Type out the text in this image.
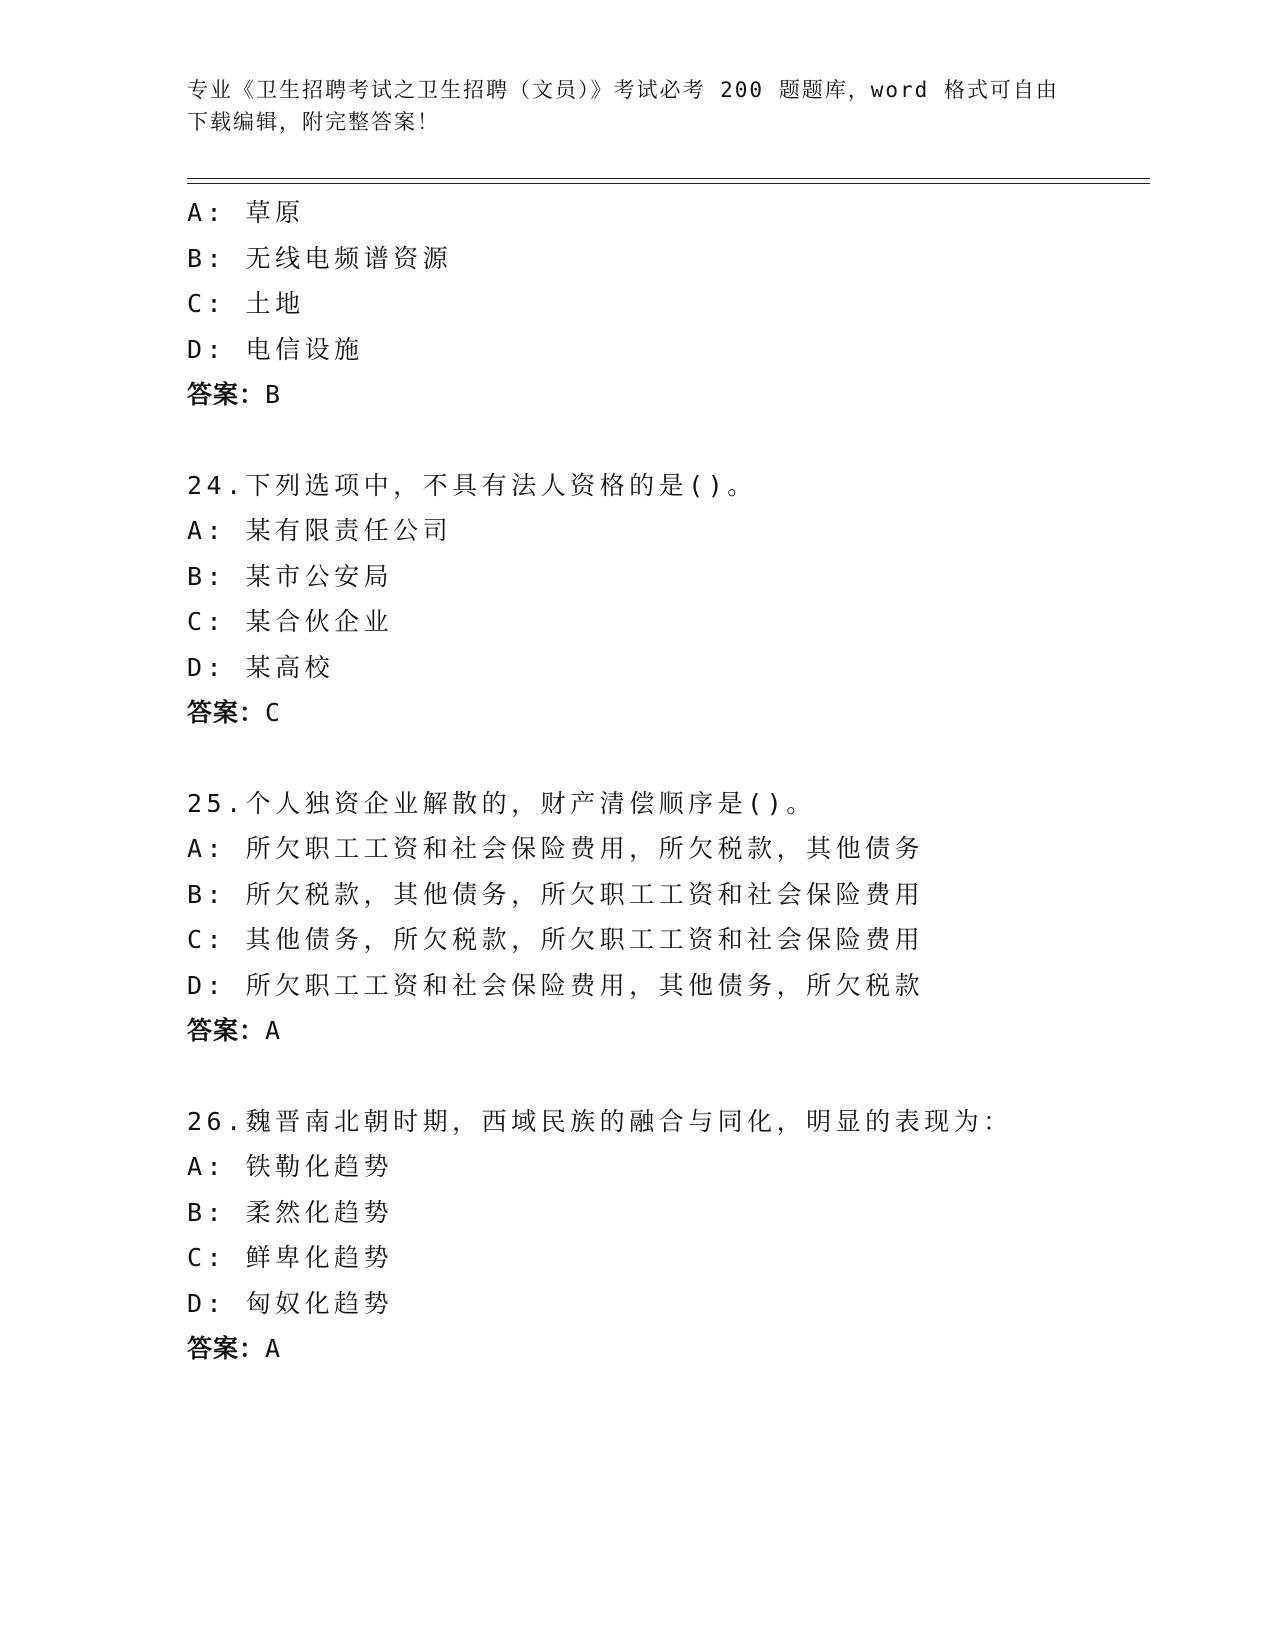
专业《卫生招聘考试之卫生招聘（文员）》考试必考 200 题题库，word 格式可自由下载编辑，附完整答案！
A: 草原
B: 无线电频谱资源
C: 土地
D: 电信设施
答案：B
24.下列选项中，不具有法人资格的是()。
A: 某有限责任公司
B: 某市公安局
C: 某合伙企业
D: 某高校
答案：C
25.个人独资企业解散的，财产清偿顺序是()。
A: 所欠职工工资和社会保险费用，所欠税款，其他债务
B: 所欠税款，其他债务，所欠职工工资和社会保险费用
C: 其他债务，所欠税款，所欠职工工资和社会保险费用
D: 所欠职工工资和社会保险费用，其他债务，所欠税款
答案：A
26.魏晋南北朝时期，西域民族的融合与同化，明显的表现为：
A: 铁勒化趋势
B: 柔然化趋势
C: 鲜卑化趋势
D: 匈奴化趋势
答案：A
